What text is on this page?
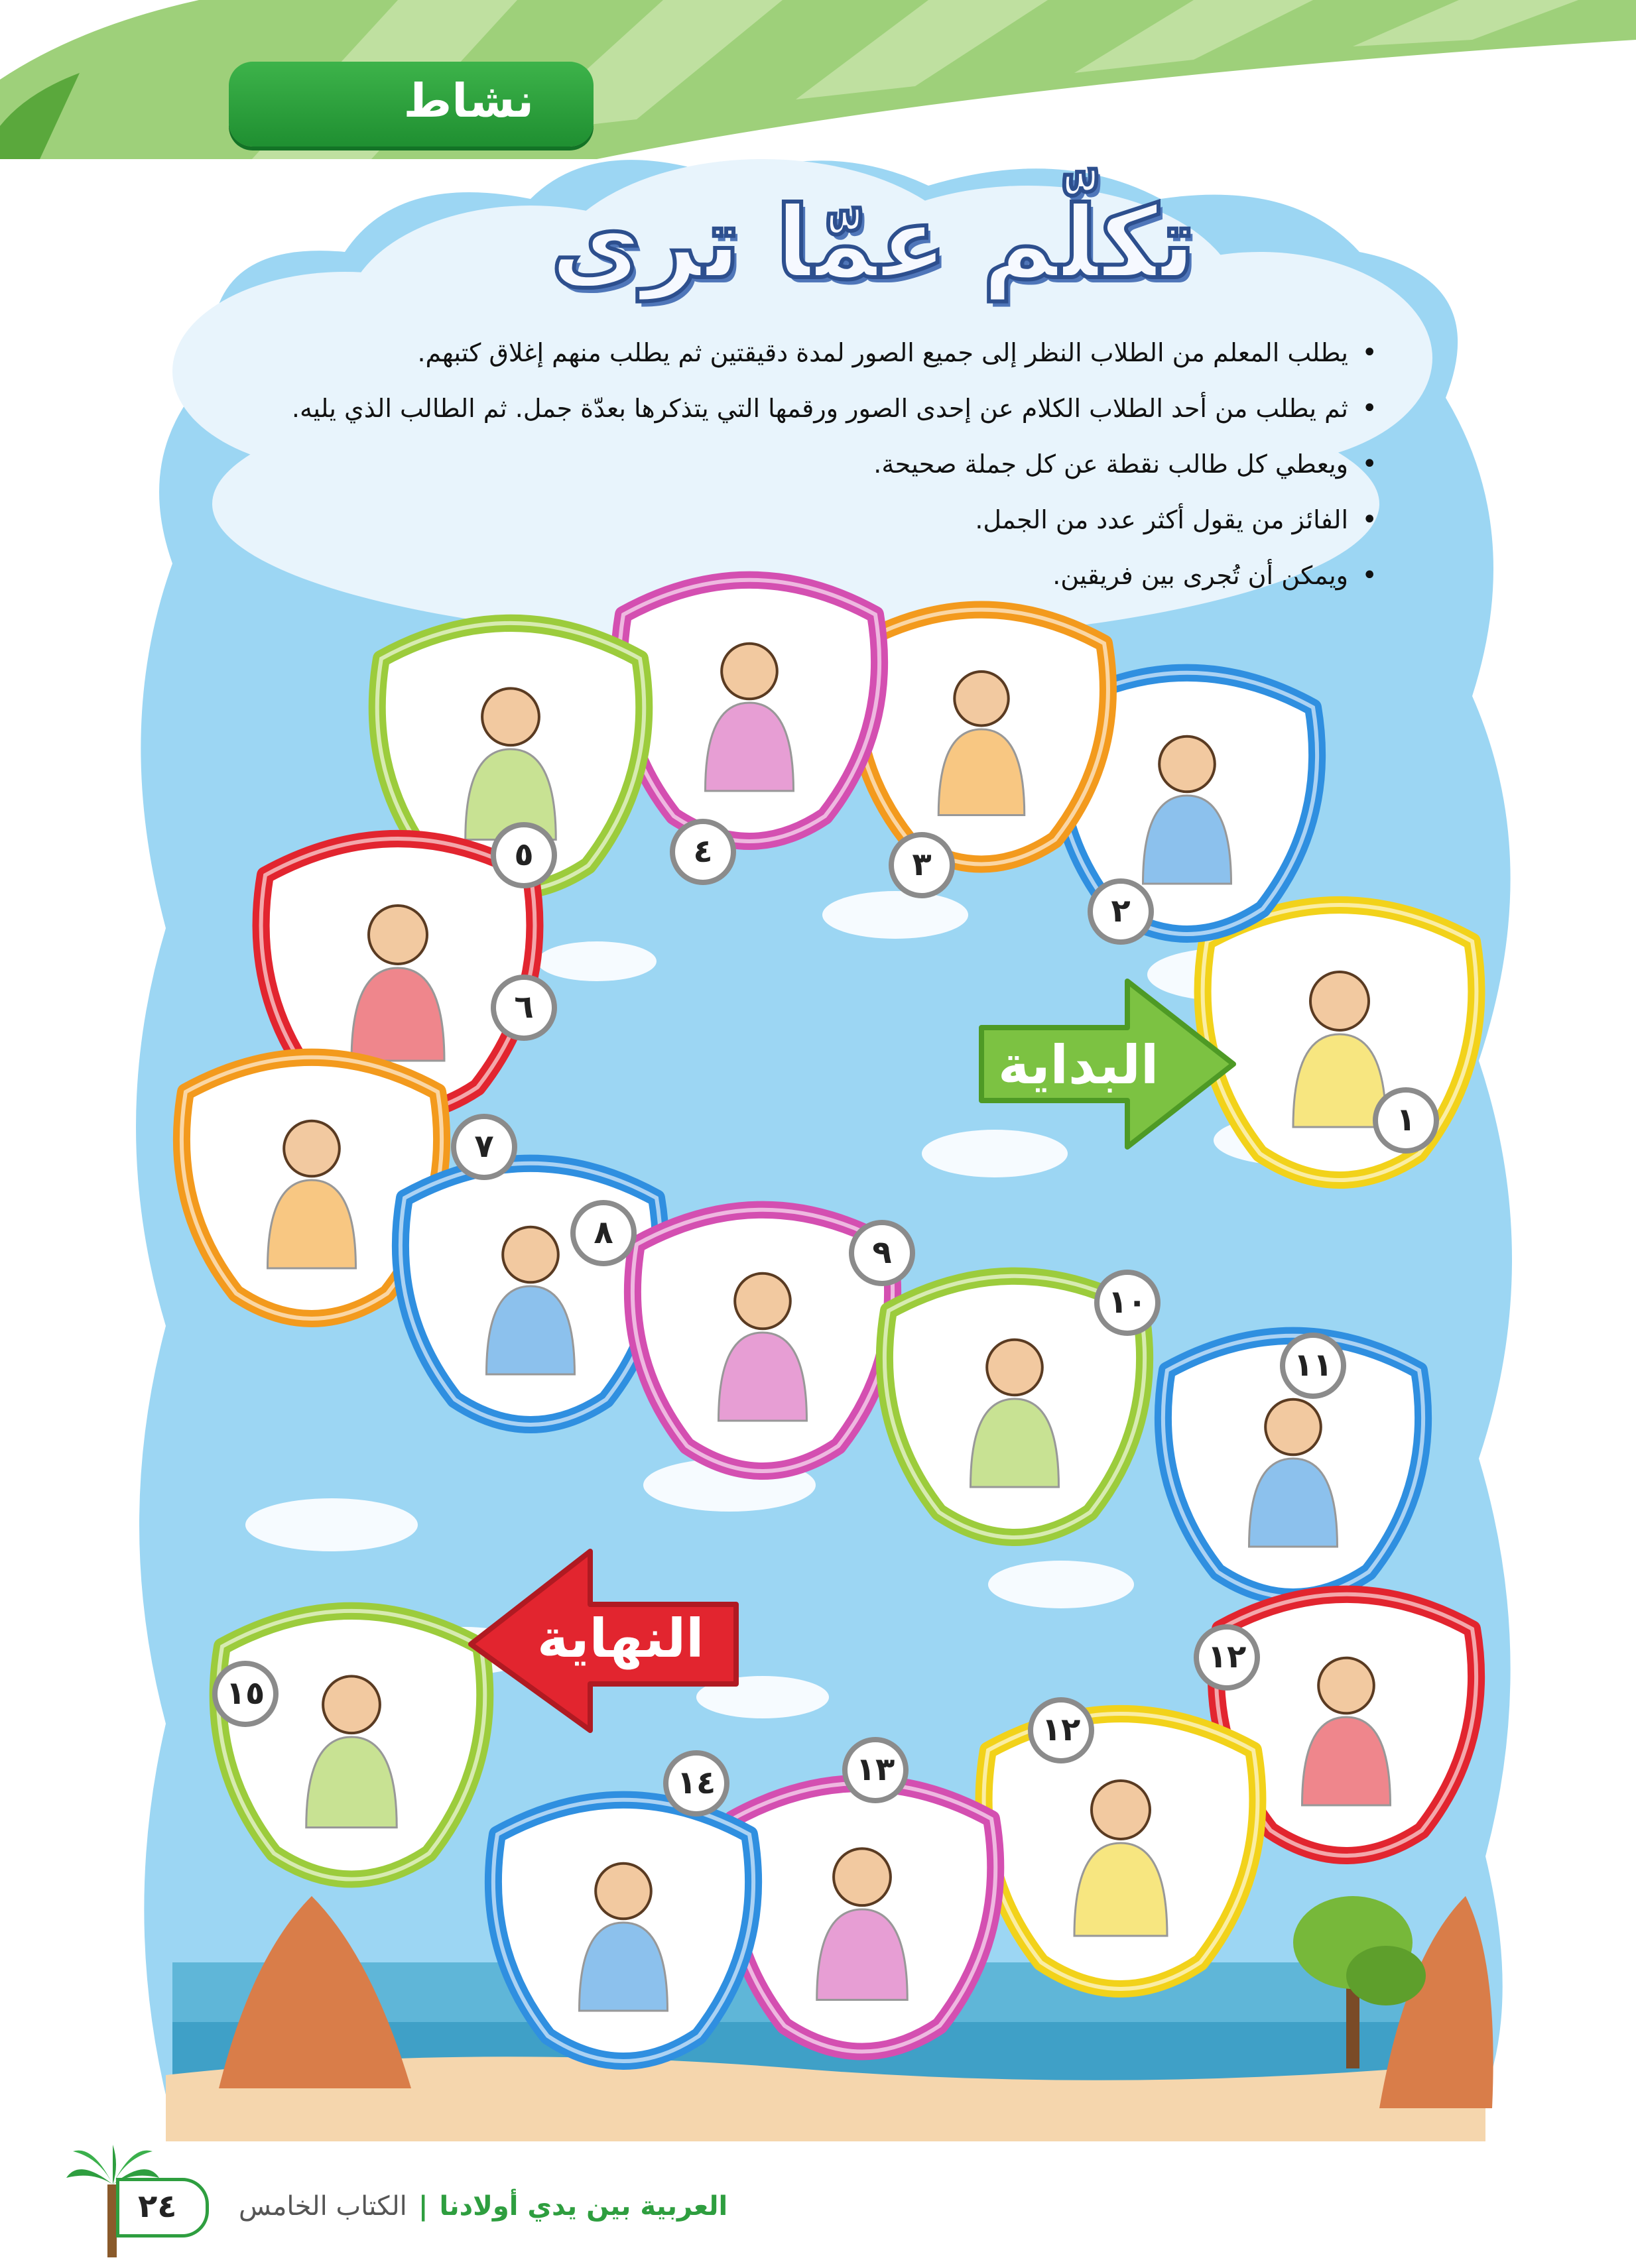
نشاط
تكلّم عمّا ترى
• يطلب المعلم من الطلاب النظر إلى جميع الصور لمدة دقيقتين ثم يطلب منهم إغلاق كتبهم.
• ثم يطلب من أحد الطلاب الكلام عن إحدى الصور ورقمها التي يتذكرها بعدّة جمل. ثم الطالب الذي يليه.
• ويعطي كل طالب نقطة عن كل جملة صحيحة.
• الفائز من يقول أكثر عدد من الجمل.
• ويمكن أن تُجرى بين فريقين.
١
٢
٣
٤
٥
٦
٧
٨
٩
١٠
١١
١٢
١٢
١٣
١٤
١٥
البداية
النهاية
٢٤	العربية بين يدي أولادنا | الكتاب الخامس
